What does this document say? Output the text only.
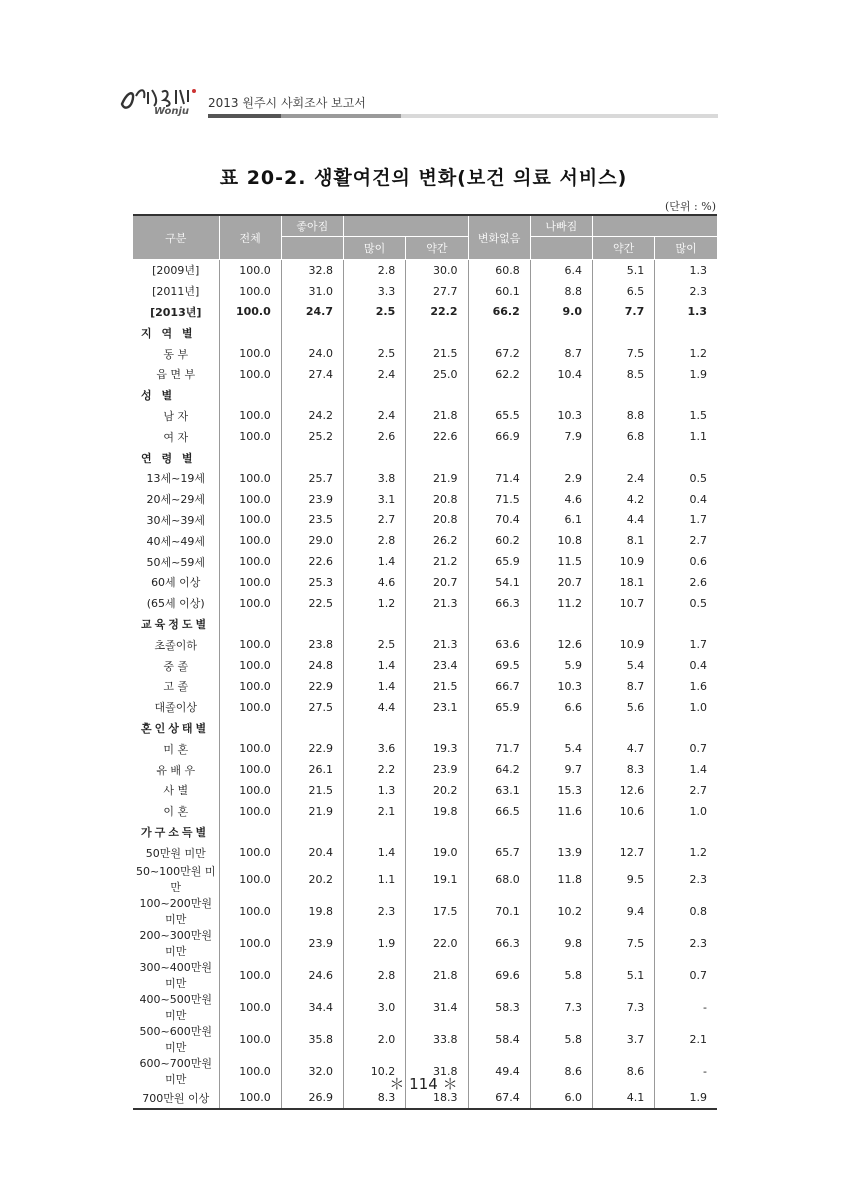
Wonju
2013 원주시 사회조사 보고서
표 20-2. 생활여건의 변화(보건 의료 서비스)
(단위 : %)
구분	전체	좋아짐			변화없음	나빠짐		
			많이	약간			약간	많이
[2009년]	100.0	32.8	2.8	30.0	60.8	6.4	5.1	1.3
[2011년]	100.0	31.0	3.3	27.7	60.1	8.8	6.5	2.3
[2013년]	100.0	24.7	2.5	22.2	66.2	9.0	7.7	1.3
지 역 별								
동 부	100.0	24.0	2.5	21.5	67.2	8.7	7.5	1.2
읍 면 부	100.0	27.4	2.4	25.0	62.2	10.4	8.5	1.9
성 별								
남 자	100.0	24.2	2.4	21.8	65.5	10.3	8.8	1.5
여 자	100.0	25.2	2.6	22.6	66.9	7.9	6.8	1.1
연 령 별								
13세~19세	100.0	25.7	3.8	21.9	71.4	2.9	2.4	0.5
20세~29세	100.0	23.9	3.1	20.8	71.5	4.6	4.2	0.4
30세~39세	100.0	23.5	2.7	20.8	70.4	6.1	4.4	1.7
40세~49세	100.0	29.0	2.8	26.2	60.2	10.8	8.1	2.7
50세~59세	100.0	22.6	1.4	21.2	65.9	11.5	10.9	0.6
60세 이상	100.0	25.3	4.6	20.7	54.1	20.7	18.1	2.6
(65세 이상)	100.0	22.5	1.2	21.3	66.3	11.2	10.7	0.5
교육정도별								
초졸이하	100.0	23.8	2.5	21.3	63.6	12.6	10.9	1.7
중 졸	100.0	24.8	1.4	23.4	69.5	5.9	5.4	0.4
고 졸	100.0	22.9	1.4	21.5	66.7	10.3	8.7	1.6
대졸이상	100.0	27.5	4.4	23.1	65.9	6.6	5.6	1.0
혼인상태별								
미 혼	100.0	22.9	3.6	19.3	71.7	5.4	4.7	0.7
유 배 우	100.0	26.1	2.2	23.9	64.2	9.7	8.3	1.4
사 별	100.0	21.5	1.3	20.2	63.1	15.3	12.6	2.7
이 혼	100.0	21.9	2.1	19.8	66.5	11.6	10.6	1.0
가구소득별								
50만원 미만	100.0	20.4	1.4	19.0	65.7	13.9	12.7	1.2
50~100만원 미만	100.0	20.2	1.1	19.1	68.0	11.8	9.5	2.3
100~200만원 미만	100.0	19.8	2.3	17.5	70.1	10.2	9.4	0.8
200~300만원 미만	100.0	23.9	1.9	22.0	66.3	9.8	7.5	2.3
300~400만원 미만	100.0	24.6	2.8	21.8	69.6	5.8	5.1	0.7
400~500만원 미만	100.0	34.4	3.0	31.4	58.3	7.3	7.3	-
500~600만원 미만	100.0	35.8	2.0	33.8	58.4	5.8	3.7	2.1
600~700만원 미만	100.0	32.0	10.2	31.8	49.4	8.6	8.6	-
700만원 이상	100.0	26.9	8.3	18.3	67.4	6.0	4.1	1.9
＊ 114 ＊
